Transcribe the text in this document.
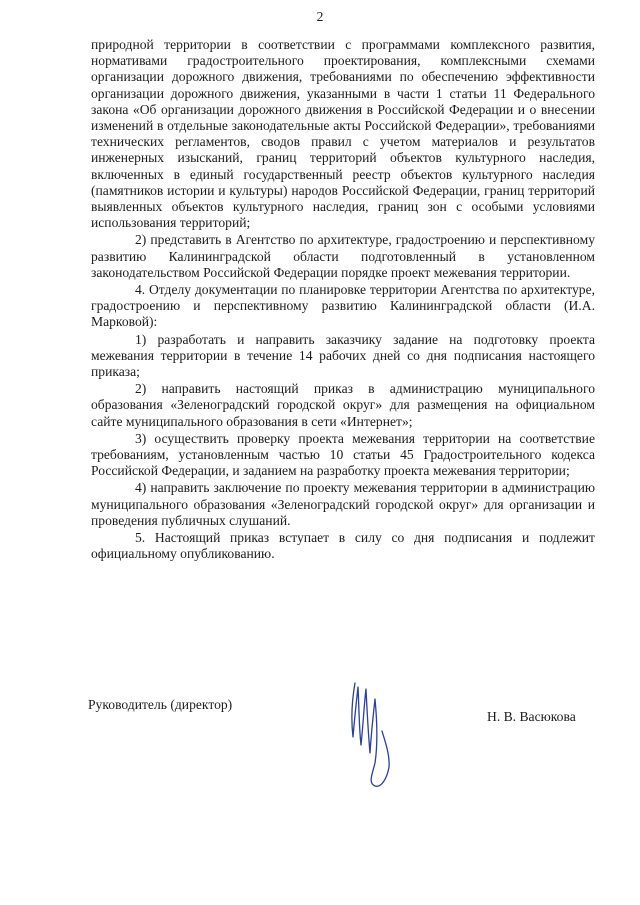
2

природной территории в соответствии с программами комплексного развития, нормативами градостроительного проектирования, комплексными схемами организации дорожного движения, требованиями по обеспечению эффективности организации дорожного движения, указанными в части 1 статьи 11 Федерального закона «Об организации дорожного движения в Российской Федерации и о внесении изменений в отдельные законодательные акты Российской Федерации», требованиями технических регламентов, сводов правил с учетом материалов и результатов инженерных изысканий, границ территорий объектов культурного наследия, включенных в единый государственный реестр объектов культурного наследия (памятников истории и культуры) народов Российской Федерации, границ территорий выявленных объектов культурного наследия, границ зон с особыми условиями использования территорий;

2) представить в Агентство по архитектуре, градостроению и перспективному развитию Калининградской области подготовленный в установленном законодательством Российской Федерации порядке проект межевания территории.

4. Отделу документации по планировке территории Агентства по архитектуре, градостроению и перспективному развитию Калининградской области (И.А. Марковой):

1) разработать и направить заказчику задание на подготовку проекта межевания территории в течение 14 рабочих дней со дня подписания настоящего приказа;

2) направить настоящий приказ в администрацию муниципального образования «Зеленоградский городской округ» для размещения на официальном сайте муниципального образования в сети «Интернет»;

3) осуществить проверку проекта межевания территории на соответствие требованиям, установленным частью 10 статьи 45 Градостроительного кодекса Российской Федерации, и заданием на разработку проекта межевания территории;

4) направить заключение по проекту межевания территории в администрацию муниципального образования «Зеленоградский городской округ» для организации и проведения публичных слушаний.

5. Настоящий приказ вступает в силу со дня подписания и подлежит официальному опубликованию.

Руководитель (директор)
Н. В. Васюкова
